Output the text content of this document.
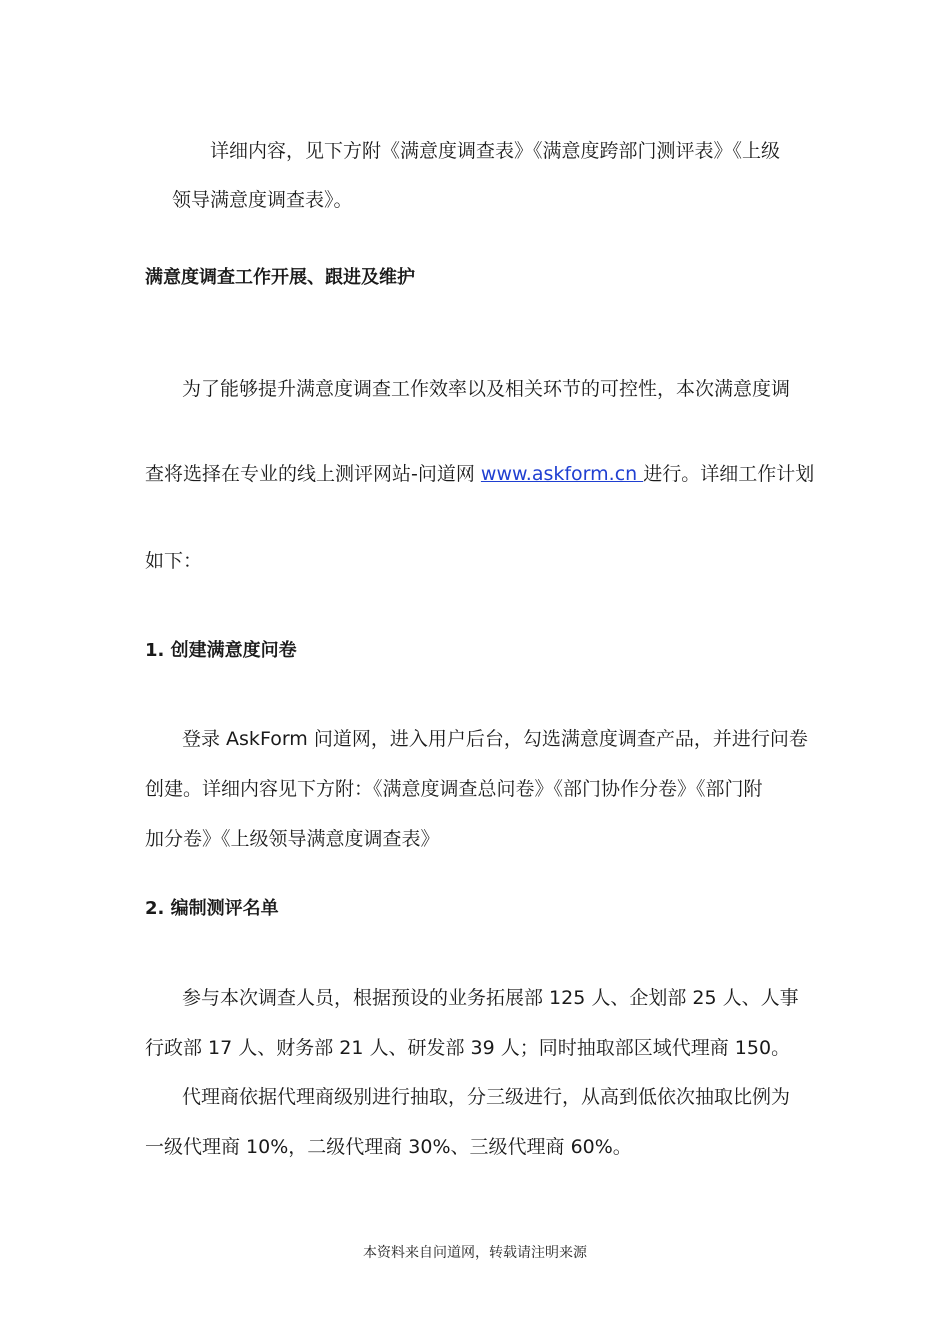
详细内容，见下方附《满意度调查表》《满意度跨部门测评表》《上级
领导满意度调查表》。
满意度调查工作开展、跟进及维护
为了能够提升满意度调查工作效率以及相关环节的可控性，本次满意度调
查将选择在专业的线上测评网站-问道网 www.askform.cn 进行。详细工作计划
如下：
1. 创建满意度问卷
登录 AskForm 问道网，进入用户后台，勾选满意度调查产品，并进行问卷
创建。详细内容见下方附：《满意度调查总问卷》《部门协作分卷》《部门附
加分卷》《上级领导满意度调查表》
2. 编制测评名单
参与本次调查人员，根据预设的业务拓展部 125 人、企划部 25 人、人事
行政部 17 人、财务部 21 人、研发部 39 人；同时抽取部区域代理商 150。
代理商依据代理商级别进行抽取，分三级进行，从高到低依次抽取比例为
一级代理商 10%，二级代理商 30%、三级代理商 60%。
本资料来自问道网，转载请注明来源
